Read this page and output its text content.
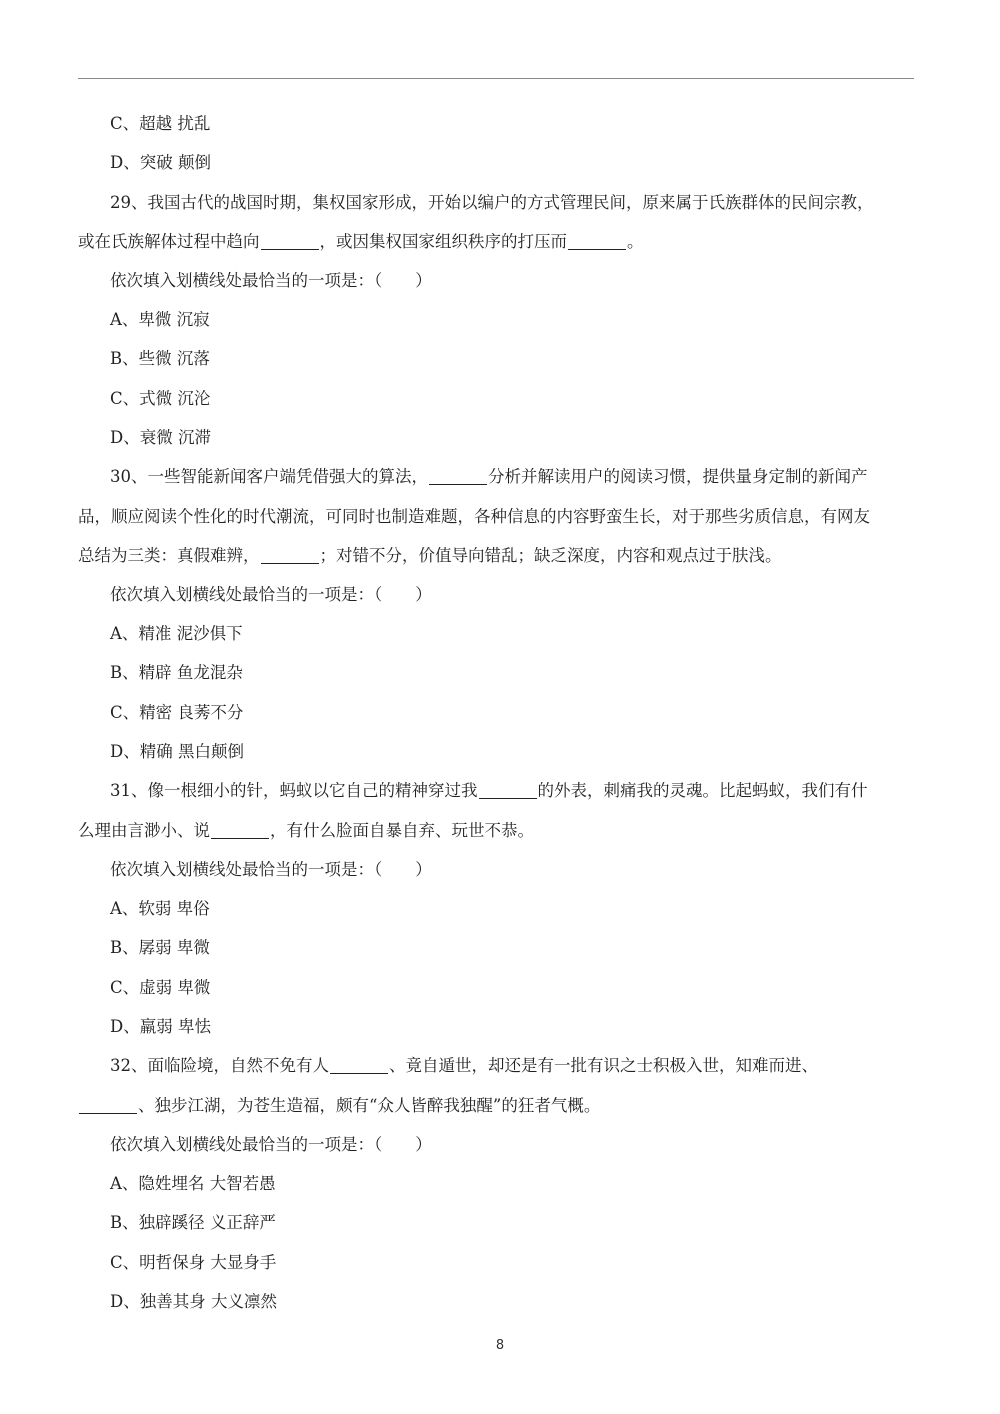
C、超越 扰乱
D、突破 颠倒
29、我国古代的战国时期，集权国家形成，开始以编户的方式管理民间，原来属于氏族群体的民间宗教，
或在氏族解体过程中趋向	，或因集权国家组织秩序的打压而	。
依次填入划横线处最恰当的一项是：（　　）
A、卑微 沉寂
B、些微 沉落
C、式微 沉沦
D、衰微 沉滞
30、一些智能新闻客户端凭借强大的算法，	分析并解读用户的阅读习惯，提供量身定制的新闻产
品，顺应阅读个性化的时代潮流，可同时也制造难题，各种信息的内容野蛮生长，对于那些劣质信息，有网友
总结为三类：真假难辨，	；对错不分，价值导向错乱；缺乏深度，内容和观点过于肤浅。
依次填入划横线处最恰当的一项是：（　　）
A、精准 泥沙俱下
B、精辟 鱼龙混杂
C、精密 良莠不分
D、精确 黑白颠倒
31、像一根细小的针，蚂蚁以它自己的精神穿过我	的外表，刺痛我的灵魂。比起蚂蚁，我们有什
么理由言渺小、说	，有什么脸面自暴自弃、玩世不恭。
依次填入划横线处最恰当的一项是：（　　）
A、软弱 卑俗
B、孱弱 卑微
C、虚弱 卑微
D、羸弱 卑怯
32、面临险境，自然不免有人	、竟自遁世，却还是有一批有识之士积极入世，知难而进、
、独步江湖，为苍生造福，颇有“众人皆醉我独醒”的狂者气概。
依次填入划横线处最恰当的一项是：（　　）
A、隐姓埋名 大智若愚
B、独辟蹊径 义正辞严
C、明哲保身 大显身手
D、独善其身 大义凛然
8
